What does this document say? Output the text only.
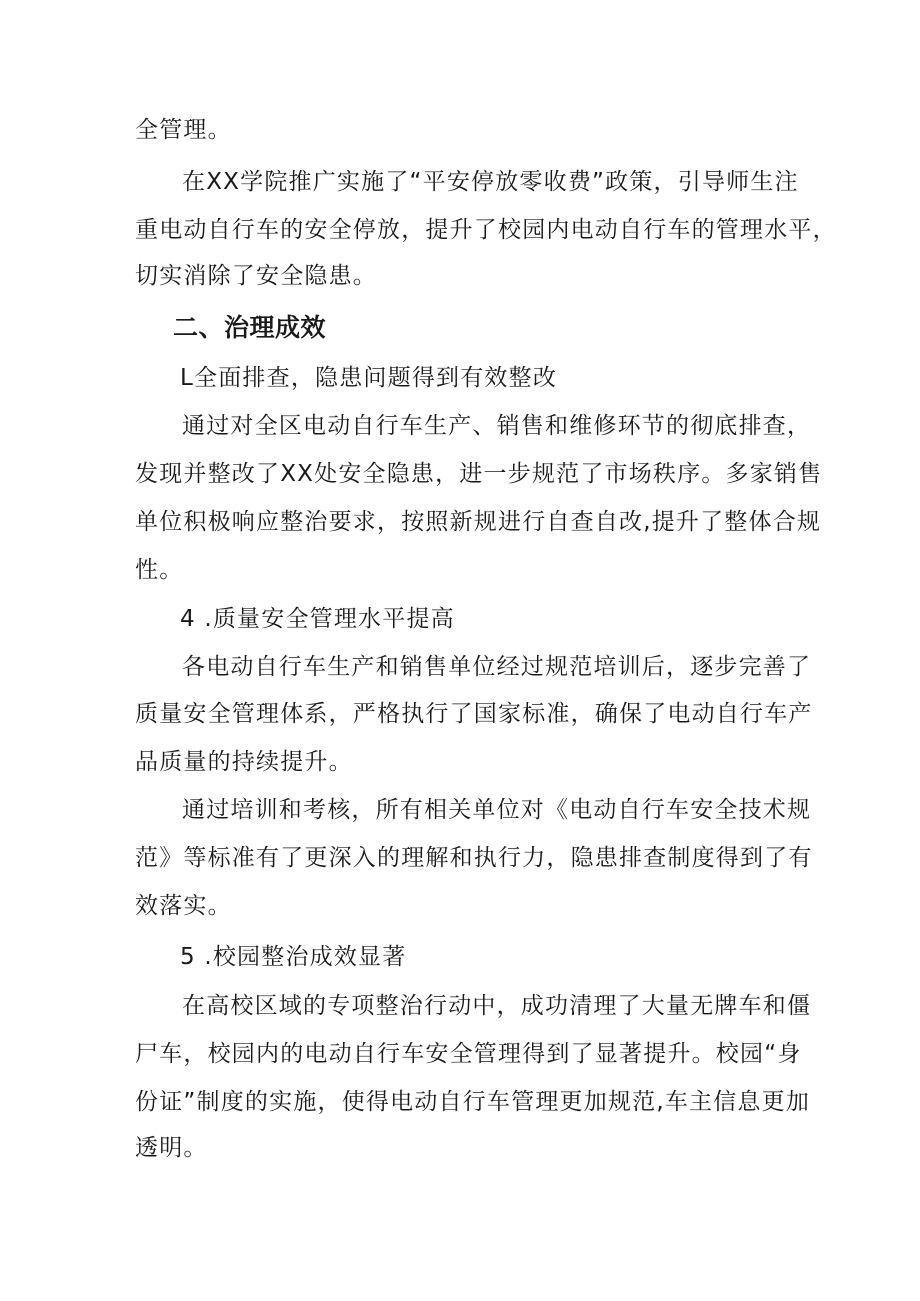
全管理。

在XX学院推广实施了“平安停放零收费”政策，引导师生注

重电动自行车的安全停放，提升了校园内电动自行车的管理水平，

切实消除了安全隐患。

二、治理成效

L全面排查，隐患问题得到有效整改

通过对全区电动自行车生产、销售和维修环节的彻底排查，

发现并整改了XX处安全隐患，进一步规范了市场秩序。多家销售

单位积极响应整治要求，按照新规进行自查自改,提升了整体合规

性。

4 .质量安全管理水平提高

各电动自行车生产和销售单位经过规范培训后，逐步完善了

质量安全管理体系，严格执行了国家标准，确保了电动自行车产

品质量的持续提升。

通过培训和考核，所有相关单位对《电动自行车安全技术规

范》等标准有了更深入的理解和执行力，隐患排查制度得到了有

效落实。

5 .校园整治成效显著

在高校区域的专项整治行动中，成功清理了大量无牌车和僵

尸车，校园内的电动自行车安全管理得到了显著提升。校园“身

份证”制度的实施，使得电动自行车管理更加规范,车主信息更加

透明。
